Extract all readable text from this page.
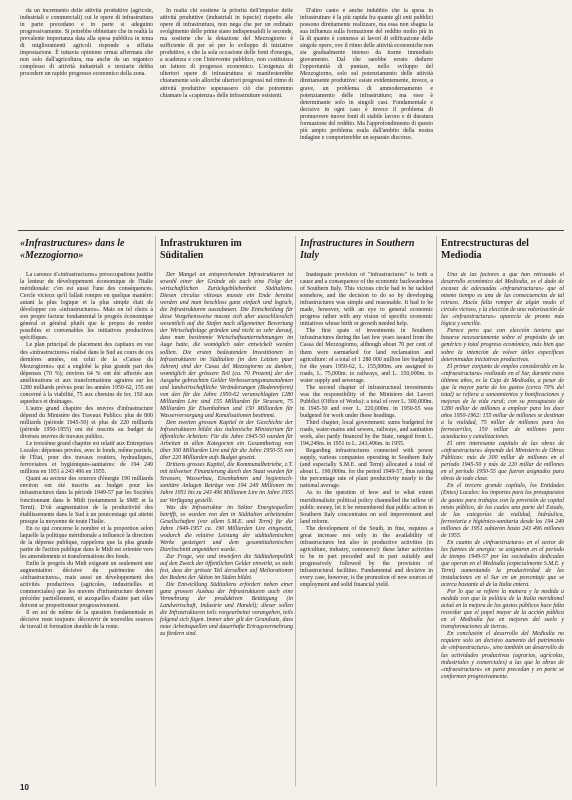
da un incremento delle attività produttive (agricole, industriali e commerciali) cui le opere di infrastruttura in parte precedano e in parte si adeguino progressivamente. Si potrebbe obbiettare che in realtà la prevalente importanza data alla spesa pubblica in tema di miglioramenti agricoli risponde a siffatta impostazione. È tuttavia opinione ormai affermata che non solo dall'agricoltura, ma anche da un organico complesso di attività industriali e terziarie debba procedere un rapido progresso economico della zona.

In realtà chi sostiene la priorità dell'impulso delle attività produttive (industriali in ispecie) rispetto alle opere di infrastruttura, non nega che per un ordinato svolgimento delle prime siano indispensabili le seconde, ma sostiene che la dotazione del Mezzogiorno è sufficiente di per sé per lo sviluppo di iniziative produttive, e che la sola occasione delle fonti d'energia, a scadenza e con l'intervento pubblico, non costituisca un fattore di progresso economico. L'esigenza di ulteriori opere di infrastruttura si manifesterebbe chiaramente solo allorché ulteriori progressi nel ritmo di attività produttive superassero ciò che potremmo chiamare la «capienza» delle infrastrutture esistenti.

D'altro canto è anche indubbio che la spesa in infrastrutture è la più rapida fra quante gli enti pubblici possono direttamente realizzare, ma essa non sbagna la sua influenza sulla formazione del reddito molto più in là di quanto è connesso ai lavori di edificazione delle singole opere, ove il ritmo delle attività economiche non sia gradualmente intenso da trarne immediato giovamento. Dal che sarebbe errato dedurre l'opportunità di puntare, nello sviluppo del Mezzogiorno, solo sul potenziamento delle attività direttamente produttive: esiste evidentemente, invece, a grave, un problema di ammodernamento e potenziamento delle infrastrutture; ma esso è determinante solo in singoli casi. Fondamentale e decisivo in ogni caso è invece il problema di promuovere nuove fonti di stabile lavoro e di duratura formazione del reddito. Ma l'approfondimento di questo più ampio problema esula dall'ambito della nostra indagine e comporterebbe un separato discorso.

«Infrastructures» dans le «Mezzogiorno»
Infrastrukturen im Süditalien
Infrastructures in Southern Italy
Entrecstructuras del Mediodia

La carence d'«infrastructures» préoccupations justifie la lenteur du développement économique de l'Italie méridionale: c'en est aussi l'une des conséquences. Cercle vicieux qu'il fallait rompre en quelque manière: autant la plus logique et la plus simple était de développer ces «infrastructures». Mais on tel choix à son propre facteur fondamental le progrès économique général et général plutôt que le propos de rendre possibles et convenables les initiatives productives spécifiques.

Le plan principal de placement des capitaux en vue des «infrastructures» réalisé dans le Sud au cours de ces dernières années, est celui de la «Caisse du Mezzogiorno» qui a englobé la plus grande part des dépenses (70 %); environ 64 % ont été affectés aux améliorations et aux transformations agraires sur les 1280 milliards prévus pour les années 1950-62, 155 ont concerné à la viabilité, 75 aux chemins de fer, 150 aux aqueducs et drainages.

L'autre grand chapitre des œuvres d'infrastructure dépend du Ministère des Travaux Publics: plus de 800 milliards (période 1945-50) et plus de 220 milliards (période 1950-1955) ont été inscrits au budget de diverses œuvres de travaux publics.

Le troisième grand chapitre est relatif aux Entreprises Locales: dépenses privées, avec le fonds, même partiels, de l'État, pour des travaux routiers, hydrauliques, ferroviaires et hygiéniques-sanitaires: de 194 249 millions en 1951 à 243 496 en 1955.

Quant au secteur des sources d'énergie 190 milliards environ ont été inscrits au budget pour les infrastructures dans la période 1949-57 par les Sociétés fonctionnant dans le Midi (notamment la SME et la Terni). D'où augmentation de la productivité des établissements dans le Sud à un pourcentage qui atteint presque la moyenne de toute l'Italie.

En ce qui concerne le nombre et la proportion selon laquelle la politique méridionale a influencé la direction de la dépense publique, rappelons que la plus grande partie de l'action publique dans le Midi est orientée vers les amendements et transformations des fonds.

Enfin le progrès du Midi exigeant un seulement une augmentation décisive du patrimoine des «infrastructures», mais aussi un développement des activités productives (agricoles, industrielles et commerciales) que les œuvres d'infrastructure doivent précéder partiellement, et auxquelles d'autre part elles doivent se proportionner progressivement.

Il en est de même de la question fondamentale et décisive reste toujours: découvrir de nouvelles sources de travail et formation durable de la rente.

Der Mangel an entsprechenden Infrastrukturen ist sowohl einer der Gründe als auch eine Folge der wirtschaftlichen Zurückgebliebenheit Süditaliens. Diesen circulus vitiosus musste ein Ende bereitet werden und man beschloss ganz einfach und logisch, die Infrastrukturen auszubauen. Die Entscheidung für diese Vorgehensweise musste sich aber ausschliesslich wesentlich auf die Stufen nach allgemeiner Bewertung der Wirtschaftslage gründen und nicht so sehr darauf, dass man bestimmte Wirtschaftsunternehmungen im Auge hatte, die womöglich oder entwickelt werden sollten. Die ersten bedeutenden Investitionen in Infrastrukturen im Süditalien (in den Letzten paar Jahren) sind der Cassa del Mezzogiorno zu danken, womöglich der grössere Teil (ca. 70 Prozent) der der Ausgabe gebrachten Gelder Verbesserungsmassnahmen und landwirtschaftliche Veränderungen (Bodenreform) von den für die Jahre 1950-62 veranschlagten 1280 Milliarden Lire sind 155 Milliarden für Strassen, 75 Milliarden für Eisenbahnen und 150 Milliarden für Wasserversorgung und Kanalisationen bestimmt.

Den zweiten grossen Kapitel in der Geschichte der Infrastrukturen bildet das italienische Ministerium für öffentliche Arbeiten: Für die Jahre 1945-50 wurden für Arbeiten in allen Kategorien ein Gesamtbetrag von über 300 Milliarden Lire und für die Jahre 1950-55 von über 220 Milliarden aufs Budget gesetzt.

Drittens grosses Kapitel, die Kommunalbetriebe, z.T. mit teilweiser Finanzierung durch den Staat wurden für Strassen, Wasserbau, Eisenbahnen und hygienisch-sanitäre Anlagen Beträge von 194 249 Millionen im Jahre 1951 bis zu 243 496 Millionen Lire im Jahre 1955 zur Verfügung gestellt.

Was die Infrastruktur im Sektor Energiequellen betrifft, so wurden von den in Süditalien arbeitenden Gesellschaften (vor allem S.M.E. und Terni) für die Jahre 1949-1957 ca. 190 Milliarden Lire eingesetzt, wodurch die relative Leistung der süditalienischen Werke gesteigert und dem gesamtitalienischen Durchschnitt angenähert wurde.

Zur Frage, wie und inwiefern die Süditalienpolitik auf den Zweck der öffentlichen Gelder einwirkt, so steht fest, dass der grösste Teil derselben auf Meliorationen des Bodens der Aktion im Süden bildet.

Die Entwicklung Süditaliens erfordert neben einer ganz grossen Ausbau der Infrastrukturen auch eine Vermehrung der produktiven Betätigung (in Landwirtschaft, Industrie und Handel); dieser sollen die Infrastrukturen teils vorgearbeitet vorangehen, teils folgend sich fügen. Immer aber gilt der Grundsatz, dass neue Arbeitsquellen und dauerhafte Ertragsvermehrung zu fördern sind.

Inadequate provision of "infrastructures" is both a cause and a consequence of the economic backwardness of Southern Italy. This vicious circle had to be tackled somehow, and the decision to do so by developing infrastructures was simple and reasonable. It had to be made, however, with an eye to general economic progress rather with any vision of specific economic initiatives whose birth or growth needed help.

The first spate of investments in Southern infrastructures during the last few years issued from the Cassa del Mezzogiorno, although about 70 per cent of them were earmarked for land reclamation and agriculture: of a total of 1 280 000 million lire budgeted for the years 1950-62, L. 155,000m. are assigned to roads, L. 75,000m. to railways, and L. 150,000m. to water supply and sewerage.

The second chapter of infrastructural investments was the responsibility of the Ministero dei Lavori Pubblici (Office of Works): a total of over L. 300,000m. in 1945-50 and over L. 220,000m. in 1950-55 was budgeted for work under these headings.

Third chapter, local government: sums budgeted for roads, water-mains and sewers, railways, and sanitation work, also partly financed by the State, ranged from L. 194,249m. in 1951 to L. 243,496m. in 1955.

Regarding infrastructures connected with power supply, various companies operating in Southern Italy (and especially S.M.E. and Terni) allocated a total of about L. 190,000m. for the period 1949-57, thus raising the percentage rate of plant productivity nearly to the national average.

As to the question of how and to what extent meridionalistic political policy channelled the inflow of public money, let it be remembered that public action in Southern Italy concentrates on soil improvement and land reform.

The development of the South, in fine, requires a great increase not only in the availability of infrastructures but also in productive activities (in agriculture, industry, commerce): these latter activities to be in part preceded and in part suitably and progressively followed by the provision of infrastructural facilities. Fundamental and decisive in every case, however, is the promotion of new sources of employment and solid financial yield.

Una de las factores a que han retrasado el desarrollo económico del Mediodía, es el dado de escasez de adecuadas «infraestructuras» que al mismo tiempo es una de las consecuencias de tal retraso. Hacía falta romper de algún modo el circulo vicioso, y la elección de una valorización de las «infraestructuras» aparecía de pronto más lógica y sencilla.

Parece pero que con elección tuviera que basarse necesariamente sobre el propósito de un genérico y total progreso económico, más bien que sobre la intención de volver útiles específicas determinadas iniciativas productivas.

El primer conjunto de empleo considerable en la «infraestructura» realizado en el Sur, durante estos últimos años, es la Caja de Mediodía, a pesar de que la mayor parte de los gastos (cerca 70% del total) se refiera a saneamientos y bonificaciones y mejoras de la vida rural; con su presupuesto de 1280 millar de millones a emplear para los doce años 1950-1962: 155 millar de millones se destinan a la vialidad, 75 millar de millones para los ferrocarriles, 150 millar de millones para acueductos y canalizaciones.

El otro interesante capitulo de las obras de «infraestructura» depende del Ministerio de Obras Públicas: más de 300 millar de millones en el período 1945-50 y más de 220 millar de millones en el período 1950-55 que fueron asignados para obras de todo clase.

En el tercero grande capítulo, los Entidades (Entes) Locales: los importes para los presupuestos de gastos para trabajos con la provisión de capital mixto público, de los cuales una parte del Estado, de las categorías de vialidad, hidráulica, ferroviaria e higiénico-sanitaria desde los 194 249 millones de 1951 subieron hasta 243 496 millones de 1955.

En cuanto de «infraestructura» en el sector de las fuentes de energía: se asignaron en el período de tiempo 1949-57 por las sociedades dedicadas que operan en el Mediodía (especialmente S.M.E. y Terni) aumentando la productividad de las instalaciones en el Sur en un porcentaje que se acerca bastante al de la Italia entera.

Por lo que se refiere la manera y la medida a medida con que la política de la Italia meridional actuó en la mejora de los gastos públicos hace falta recordar que el papel mayor de la acción pública en el Mediodía fue en mejoras del suelo y transformaciones de tierras.

En conclusión el desarrollo del Mediodía no requiere solo un decisivo aumento del patrimonio de «infraestructura», sino también un desarrollo de las actividades productivas (agrarias, agrícolas, industriales y comerciales) a las que la obras de «infraestructura» en parte precedan y en parte se conformen progresivamente.

10
